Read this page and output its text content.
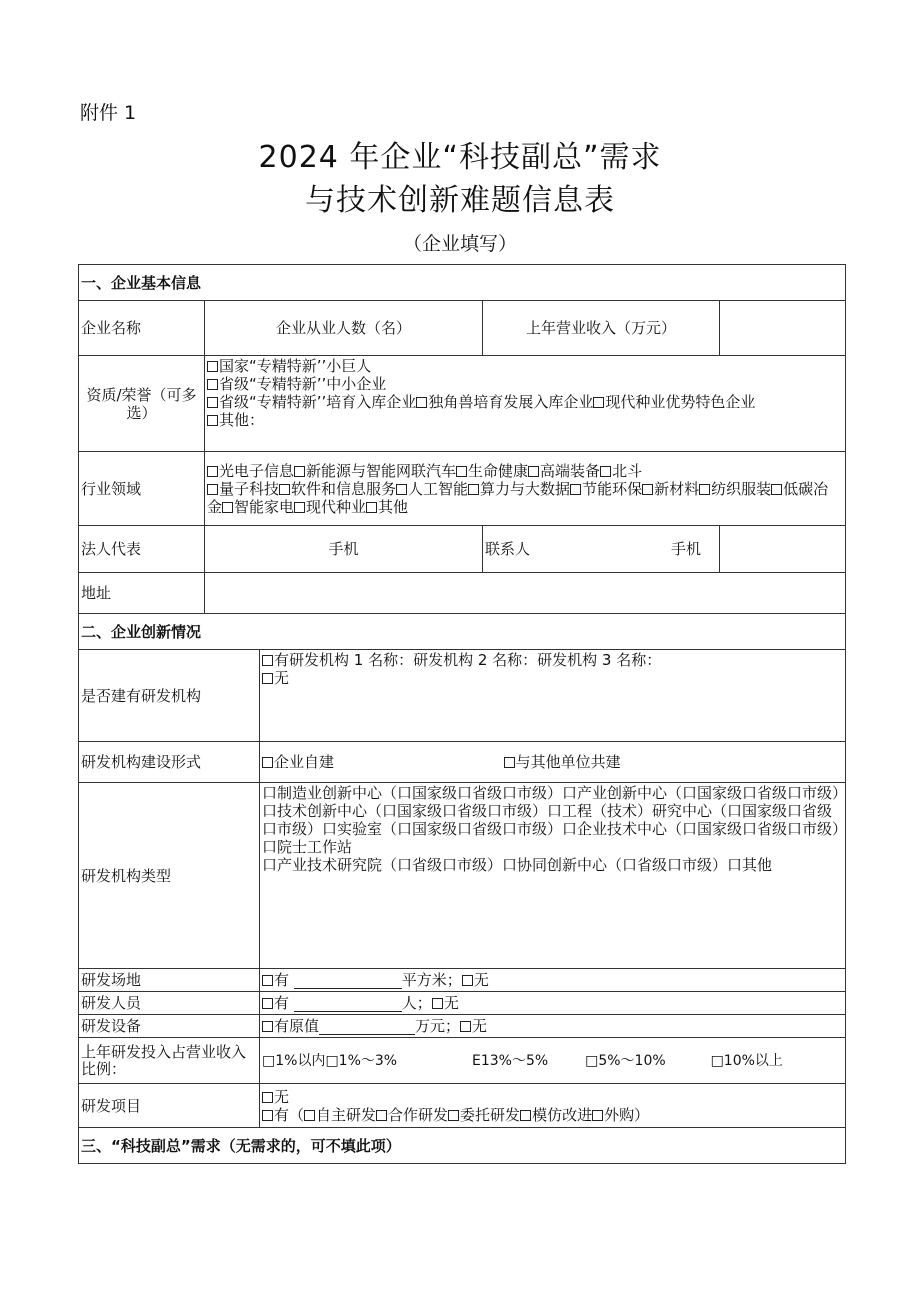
附件 1
2024 年企业“科技副总”需求
与技术创新难题信息表
（企业填写）
一、企业基本信息				
企业名称	企业从业人数（名）		上年营业收入（万元）	
资质/荣誉（可多选）	国家“专精特新’’小巨人
省级“专精特新’’中小企业
省级“专精特新’’培育入库企业 独角兽培育发展入库企业 现代种业优势特色企业
其他：			

行业领域	光电子信息 新能源与智能网联汽车 生命健康 高端装备 北斗
量子科技 软件和信息服务 人工智能 算力与大数据 节能环保 新材料 纺织服装 低碳冶金 智能家电 现代种业 其他			
法人代表	手机		联系人 手机	

地址				
二、企业创新情况				
是否建有研发机构		有研发机构 1 名称：研发机构 2 名称：研发机构 3 名称：
无		

研发机构建设形式		企业自建 与其他单位共建		
研发机构类型		口制造业创新中心（口国家级口省级口市级）口产业创新中心（口国家级口省级口市级）口技术创新中心（口国家级口省级口市级）口工程（技术）研究中心（口国家级口省级口市级）口实验室（口国家级口省级口市级）口企业技术中心（口国家级口省级口市级）口院士工作站
口产业技术研究院（口省级口市级）口协同创新中心（口省级口市级）口其他		

研发场地		有 平方米； 无		
研发人员		有 人； 无		
研发设备		有原值 万元； 无		
上年研发投入占营业收入比例：		□1%以内□1%～3% E13%～5% □5%～10% □10%以上		
研发项目		无
有（ 自主研发 合作研发 委托研发 模仿改进 外购）		

三、“科技副总”需求（无需求的，可不填此项）				
